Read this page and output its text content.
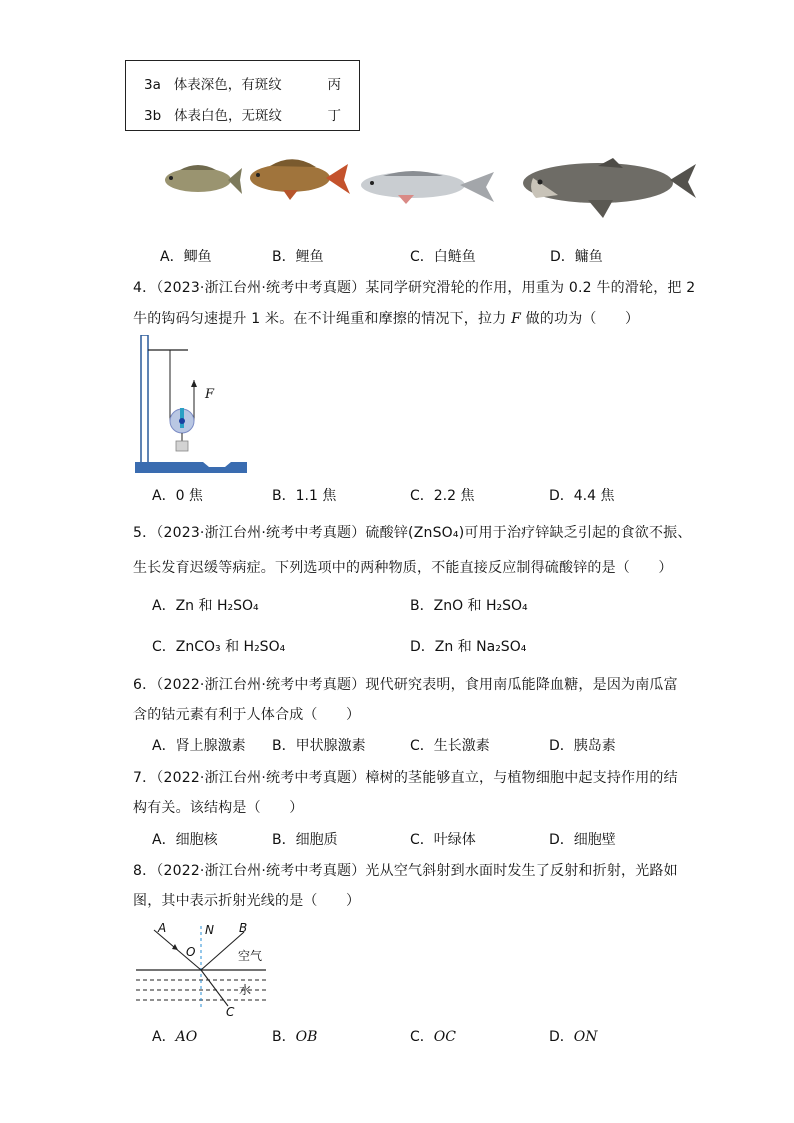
3a 体表深色，有斑纹	丙
3b 体表白色，无斑纹	丁
A．鲫鱼	B．鲤鱼	C．白鲢鱼	D．鳙鱼
4．（2023·浙江台州·统考中考真题）某同学研究滑轮的作用，用重为 0.2 牛的滑轮，把 2
牛的钩码匀速提升 1 米。在不计绳重和摩擦的情况下，拉力 F 做的功为（　　）
F
A．0 焦	B．1.1 焦	C．2.2 焦	D．4.4 焦
5．（2023·浙江台州·统考中考真题）硫酸锌(ZnSO₄)可用于治疗锌缺乏引起的食欲不振、
生长发育迟缓等病症。下列选项中的两种物质，不能直接反应制得硫酸锌的是（　　）
A．Zn 和 H₂SO₄	B．ZnO 和 H₂SO₄
C．ZnCO₃ 和 H₂SO₄	D．Zn 和 Na₂SO₄
6．（2022·浙江台州·统考中考真题）现代研究表明，食用南瓜能降血糖，是因为南瓜富
含的钴元素有利于人体合成（　　）
A．肾上腺激素 B．甲状腺激素	C．生长激素	D．胰岛素
7．（2022·浙江台州·统考中考真题）樟树的茎能够直立，与植物细胞中起支持作用的结
构有关。该结构是（　　）
A．细胞核	B．细胞质	C．叶绿体	D．细胞壁
8．（2022·浙江台州·统考中考真题）光从空气斜射到水面时发生了反射和折射，光路如
图，其中表示折射光线的是（　　）
A	N B
O	空气
水
C
A．AO	B．OB	C．OC	D．ON
